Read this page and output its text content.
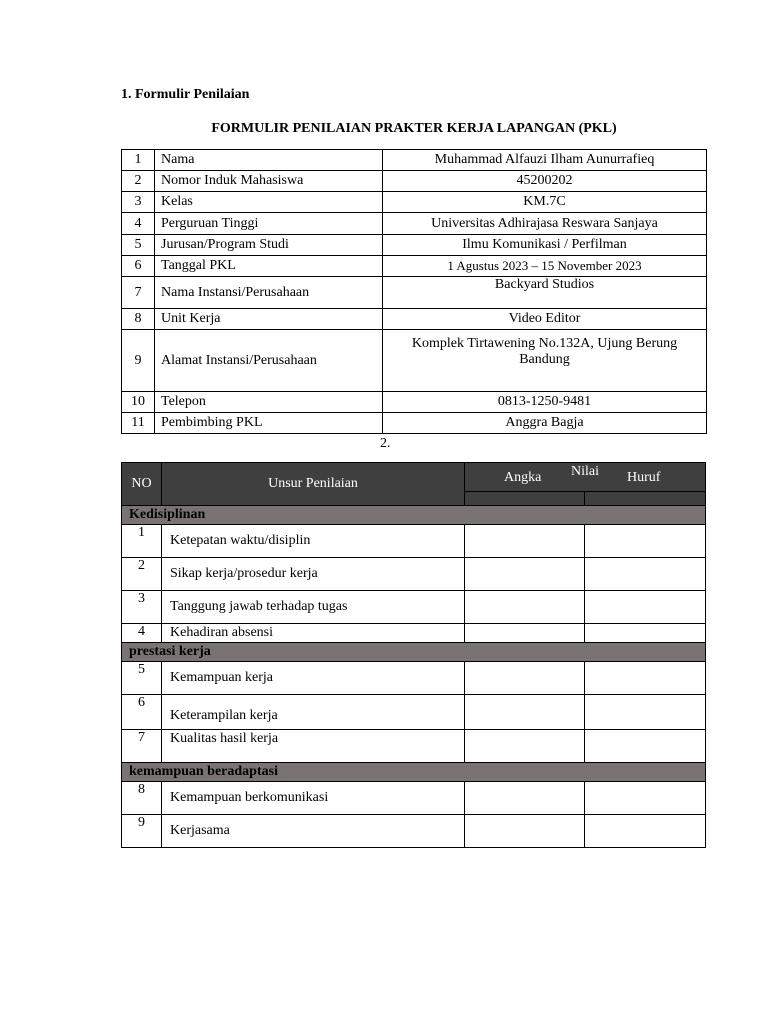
1. Formulir Penilaian
FORMULIR PENILAIAN PRAKTER KERJA LAPANGAN (PKL)
1	Nama	Muhammad Alfauzi Ilham Aunurrafieq
2	Nomor Induk Mahasiswa	45200202
3	Kelas	KM.7C
4	Perguruan Tinggi	Universitas Adhirajasa Reswara Sanjaya
5	Jurusan/Program Studi	Ilmu Komunikasi / Perfilman
6	Tanggal PKL	1 Agustus 2023 – 15 November 2023
7	Nama Instansi/Perusahaan	Backyard Studios
8	Unit Kerja	Video Editor
9	Alamat Instansi/Perusahaan	Komplek Tirtawening No.132A, Ujung Berung Bandung
10	Telepon	0813-1250-9481
11	Pembimbing PKL	Anggra Bagja
2.
NO	Unsur Penilaian	Nilai
Angka Huruf	

Kedisiplinan			
1	Ketepatan waktu/disiplin		
2	Sikap kerja/prosedur kerja		
3	Tanggung jawab terhadap tugas		
4	Kehadiran absensi		
prestasi kerja			
5	Kemampuan kerja		
6	Keterampilan kerja		
7	Kualitas hasil kerja		
kemampuan beradaptasi			
8	Kemampuan berkomunikasi		
9	Kerjasama		
